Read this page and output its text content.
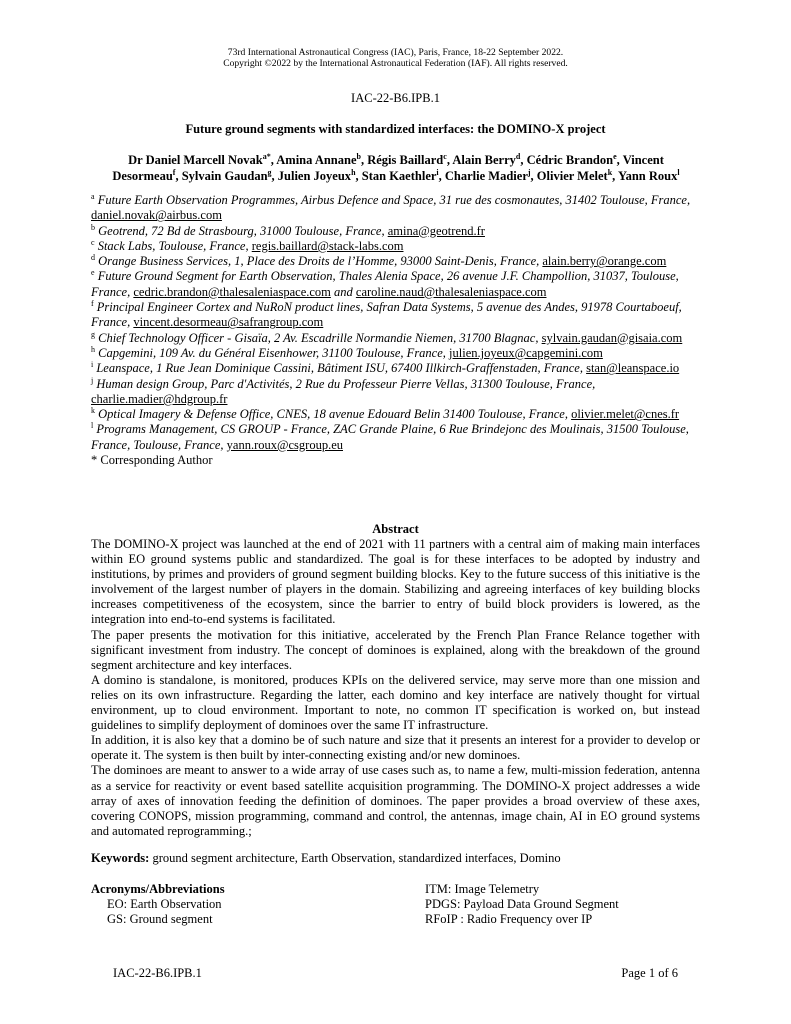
73rd International Astronautical Congress (IAC), Paris, France, 18-22 September 2022.
Copyright ©2022 by the International Astronautical Federation (IAF). All rights reserved.
IAC-22-B6.IPB.1
Future ground segments with standardized interfaces: the DOMINO-X project
Dr Daniel Marcell Novak$^{a*}$, Amina Annane$^b$, Régis Baillard$^c$, Alain Berry$^d$, Cédric Brandon$^e$, Vincent Desormeau$^f$, Sylvain Gaudan$^g$, Julien Joyeux$^h$, Stan Kaethler$^i$, Charlie Madier$^j$, Olivier Melet$^k$, Yann Roux$^l$
$^a$ Future Earth Observation Programmes, Airbus Defence and Space, 31 rue des cosmonautes, 31402 Toulouse, France, daniel.novak@airbus.com
$^b$ Geotrend, 72 Bd de Strasbourg, 31000 Toulouse, France, amina@geotrend.fr
$^c$ Stack Labs, Toulouse, France, regis.baillard@stack-labs.com
$^d$ Orange Business Services, 1, Place des Droits de l’Homme, 93000 Saint-Denis, France, alain.berry@orange.com
$^e$ Future Ground Segment for Earth Observation, Thales Alenia Space, 26 avenue J.F. Champollion, 31037, Toulouse, France, cedric.brandon@thalesaleniaspace.com and caroline.naud@thalesaleniaspace.com
$^f$ Principal Engineer Cortex and NuRoN product lines, Safran Data Systems, 5 avenue des Andes, 91978 Courtaboeuf, France, vincent.desormeau@safrangroup.com
$^g$ Chief Technology Officer - Gisaïa, 2 Av. Escadrille Normandie Niemen, 31700 Blagnac, sylvain.gaudan@gisaia.com
$^h$ Capgemini, 109 Av. du Général Eisenhower, 31100 Toulouse, France, julien.joyeux@capgemini.com
$^i$ Leanspace, 1 Rue Jean Dominique Cassini, Bâtiment ISU, 67400 Illkirch-Graffenstaden, France, stan@leanspace.io
$^j$ Human design Group, Parc d'Activités, 2 Rue du Professeur Pierre Vellas, 31300 Toulouse, France, charlie.madier@hdgroup.fr
$^k$ Optical Imagery & Defense Office, CNES, 18 avenue Edouard Belin 31400 Toulouse, France, olivier.melet@cnes.fr
$^l$ Programs Management, CS GROUP - France, ZAC Grande Plaine, 6 Rue Brindejonc des Moulinais, 31500 Toulouse, France, Toulouse, France, yann.roux@csgroup.eu
* Corresponding Author
Abstract

The DOMINO-X project was launched at the end of 2021 with 11 partners with a central aim of making main interfaces within EO ground systems public and standardized. The goal is for these interfaces to be adopted by industry and institutions, by primes and providers of ground segment building blocks. Key to the future success of this initiative is the involvement of the largest number of players in the domain. Stabilizing and agreeing interfaces of key building blocks increases competitiveness of the ecosystem, since the barrier to entry of build block providers is lowered, as the integration into end-to-end systems is facilitated.

The paper presents the motivation for this initiative, accelerated by the French Plan France Relance together with significant investment from industry. The concept of dominoes is explained, along with the breakdown of the ground segment architecture and key interfaces.

A domino is standalone, is monitored, produces KPIs on the delivered service, may serve more than one mission and relies on its own infrastructure. Regarding the latter, each domino and key interface are natively thought for virtual environment, up to cloud environment. Important to note, no common IT specification is worked on, but instead guidelines to simplify deployment of dominoes over the same IT infrastructure.

In addition, it is also key that a domino be of such nature and size that it presents an interest for a provider to develop or operate it. The system is then built by inter-connecting existing and/or new dominoes.

The dominoes are meant to answer to a wide array of use cases such as, to name a few, multi-mission federation, antenna as a service for reactivity or event based satellite acquisition programming. The DOMINO-X project addresses a wide array of axes of innovation feeding the definition of dominoes. The paper provides a broad overview of these axes, covering CONOPS, mission programming, command and control, the antennas, image chain, AI in EO ground systems and automated reprogramming.;

Keywords: ground segment architecture, Earth Observation, standardized interfaces, Domino
Acronyms/Abbreviations
EO: Earth Observation
GS: Ground segment
ITM: Image Telemetry
PDGS: Payload Data Ground Segment
RFoIP : Radio Frequency over IP
IAC-22-B6.IPB.1	Page 1 of 6
